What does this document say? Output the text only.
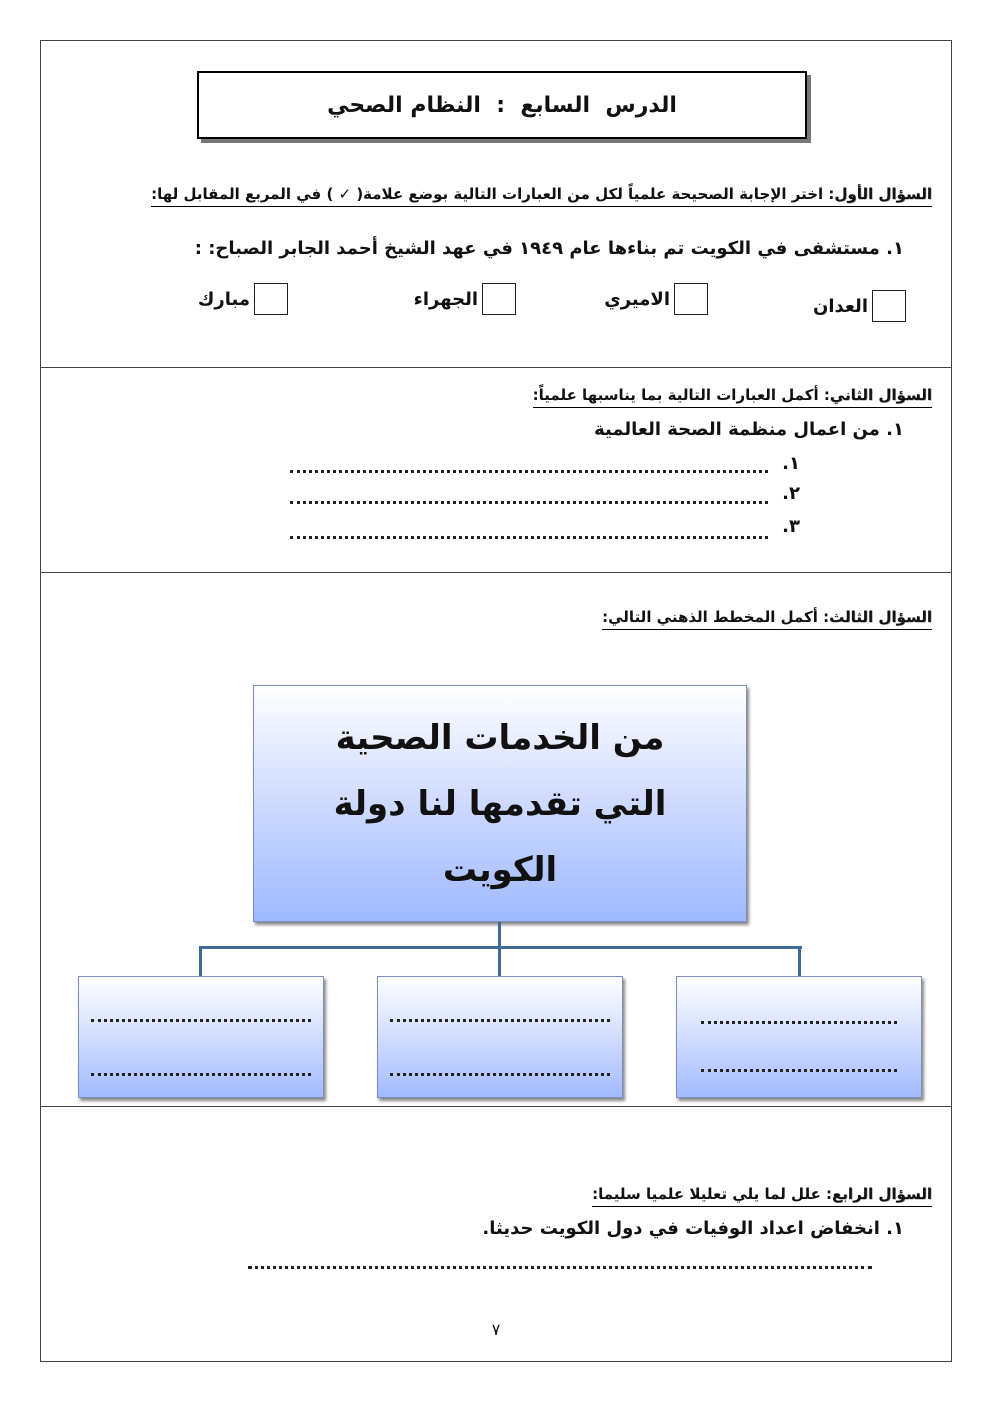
الدرس  السابع  :  النظام الصحي
السؤال الأول: اختر الإجابة الصحيحة علمياً لكل من العبارات التالية بوضع علامة( ✓ ) في المربع المقابل لها:
١. مستشفى في الكويت تم بناءها عام ١٩٤٩ في عهد الشيخ أحمد الجابر الصباح: :
العدان
الاميري
الجهراء
مبارك
السؤال الثاني: أكمل العبارات التالية بما يناسبها علمياً:
١. من اعمال منظمة الصحة العالمية
١.
٢.
٣.
السؤال الثالث: أكمل المخطط الذهني التالي:
من الخدمات الصحية
التي تقدمها لنا دولة
الكويت
السؤال الرابع: علل لما يلي تعليلا علميا سليما:
١. انخفاض اعداد الوفيات في دول الكويت حديثا.
٧
